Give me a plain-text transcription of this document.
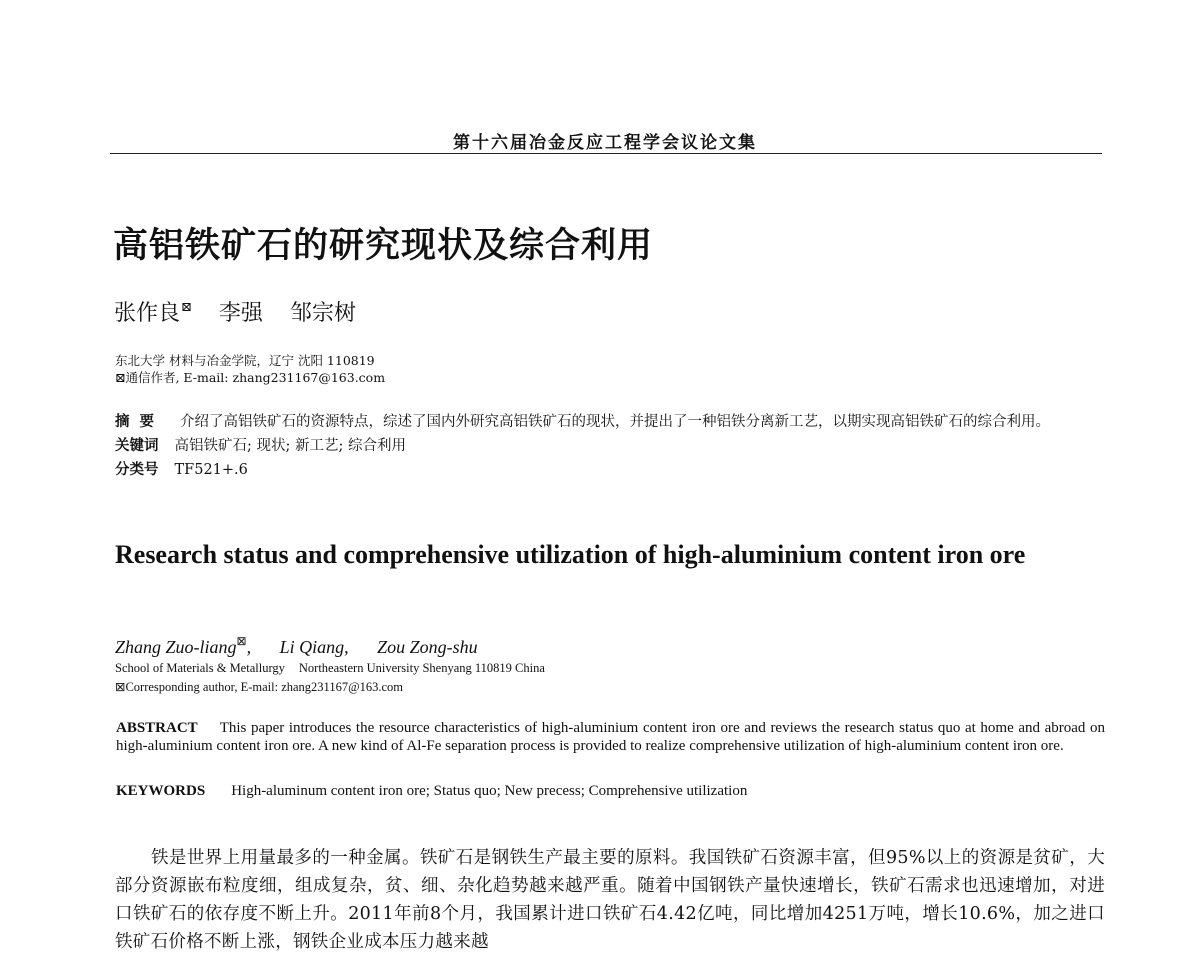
第十六届冶金反应工程学会议论文集
高铝铁矿石的研究现状及综合利用
张作良⊠ 李强 邹宗树
东北大学 材料与冶金学院，辽宁 沈阳 110819
⊠通信作者, E-mail: zhang231167@163.com
摘要 介绍了高铝铁矿石的资源特点，综述了国内外研究高铝铁矿石的现状，并提出了一种铝铁分离新工艺，以期实现高铝铁矿石的综合利用。
关键词 高铝铁矿石; 现状; 新工艺; 综合利用
分类号 TF521+.6
Research status and comprehensive utilization of high-aluminium content iron ore
Zhang Zuo-liang⊠, Li Qiang, Zou Zong-shu
School of Materials & Metallurgy Northeastern University Shenyang 110819 China
⊠Corresponding author, E-mail: zhang231167@163.com
ABSTRACT This paper introduces the resource characteristics of high-aluminium content iron ore and reviews the research status quo at home and abroad on high-aluminium content iron ore. A new kind of Al-Fe separation process is provided to realize comprehensive utilization of high-aluminium content iron ore.
KEYWORDS High-aluminum content iron ore; Status quo; New precess; Comprehensive utilization
铁是世界上用量最多的一种金属。铁矿石是钢铁生产最主要的原料。我国铁矿石资源丰富，但95%以上的资源是贫矿，大部分资源嵌布粒度细，组成复杂，贫、细、杂化趋势越来越严重。随着中国钢铁产量快速增长，铁矿石需求也迅速增加，对进口铁矿石的依存度不断上升。2011年前8个月，我国累计进口铁矿石4.42亿吨，同比增加4251万吨，增长10.6%，加之进口铁矿石价格不断上涨，钢铁企业成本压力越来越
